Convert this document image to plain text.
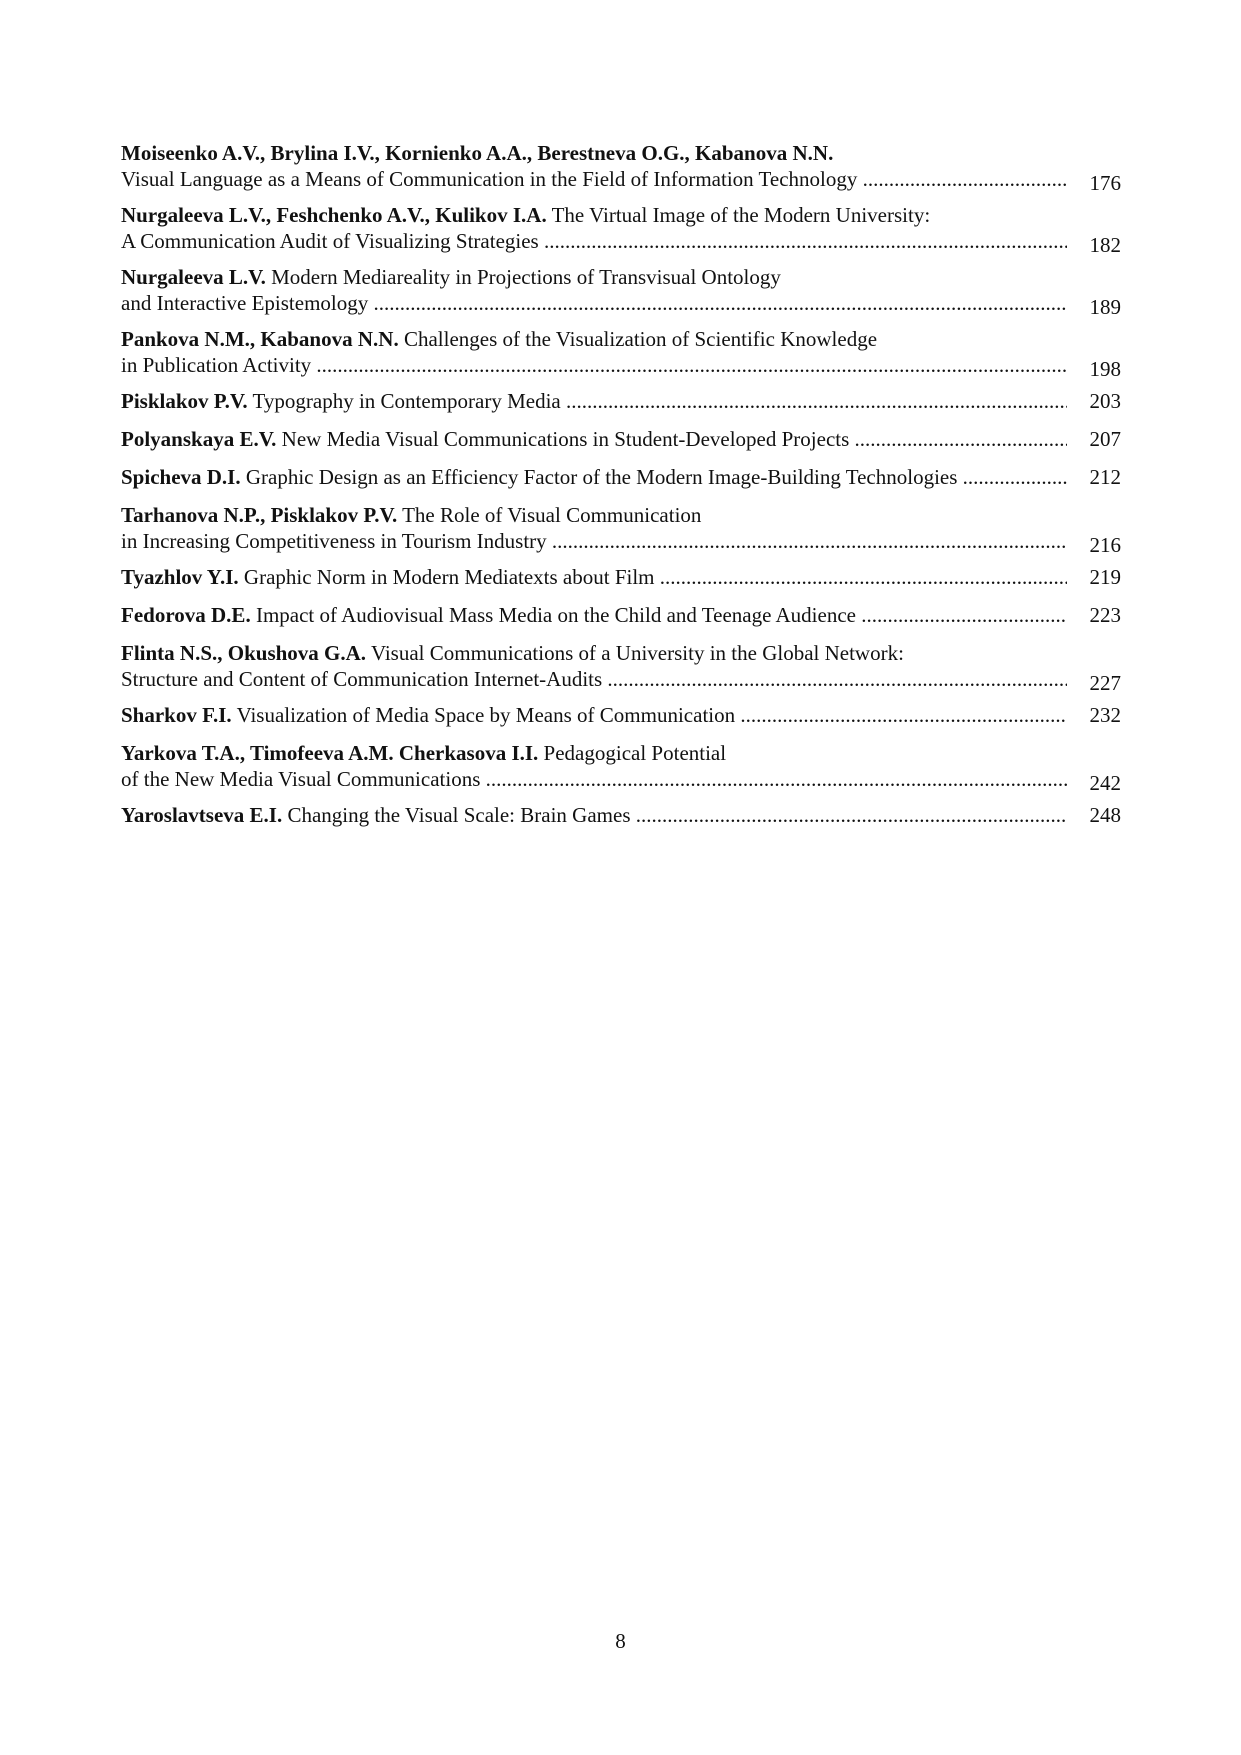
Moiseenko A.V., Brylina I.V., Kornienko A.A., Berestneva O.G., Kabanova N.N.
Visual Language as a Means of Communication in the Field of Information Technology .....	176
Nurgaleeva L.V., Feshchenko A.V., Kulikov I.A. The Virtual Image of the Modern University:
A Communication Audit of Visualizing Strategies .....	182
Nurgaleeva L.V. Modern Mediareality in Projections of Transvisual Ontology
and Interactive Epistemology .....	189
Pankova N.M., Kabanova N.N. Challenges of the Visualization of Scientific Knowledge
in Publication Activity .....	198
Pisklakov P.V. Typography in Contemporary Media .....	203
Polyanskaya E.V. New Media Visual Communications in Student-Developed Projects .....	207
Spicheva D.I. Graphic Design as an Efficiency Factor of the Modern Image-Building Technologies .....	212
Tarhanova N.P., Pisklakov P.V. The Role of Visual Communication
in Increasing Competitiveness in Tourism Industry .....	216
Tyazhlov Y.I. Graphic Norm in Modern Mediatexts about Film .....	219
Fedorova D.E. Impact of Audiovisual Mass Media on the Child and Teenage Audience .....	223
Flinta N.S., Okushova G.A. Visual Communications of a University in the Global Network:
Structure and Content of Communication Internet-Audits .....	227
Sharkov F.I. Visualization of Media Space by Means of Communication .....	232
Yarkova T.A., Timofeeva A.M. Cherkasova I.I. Pedagogical Potential
of the New Media Visual Communications .....	242
Yaroslavtseva E.I. Changing the Visual Scale: Brain Games .....	248
8
